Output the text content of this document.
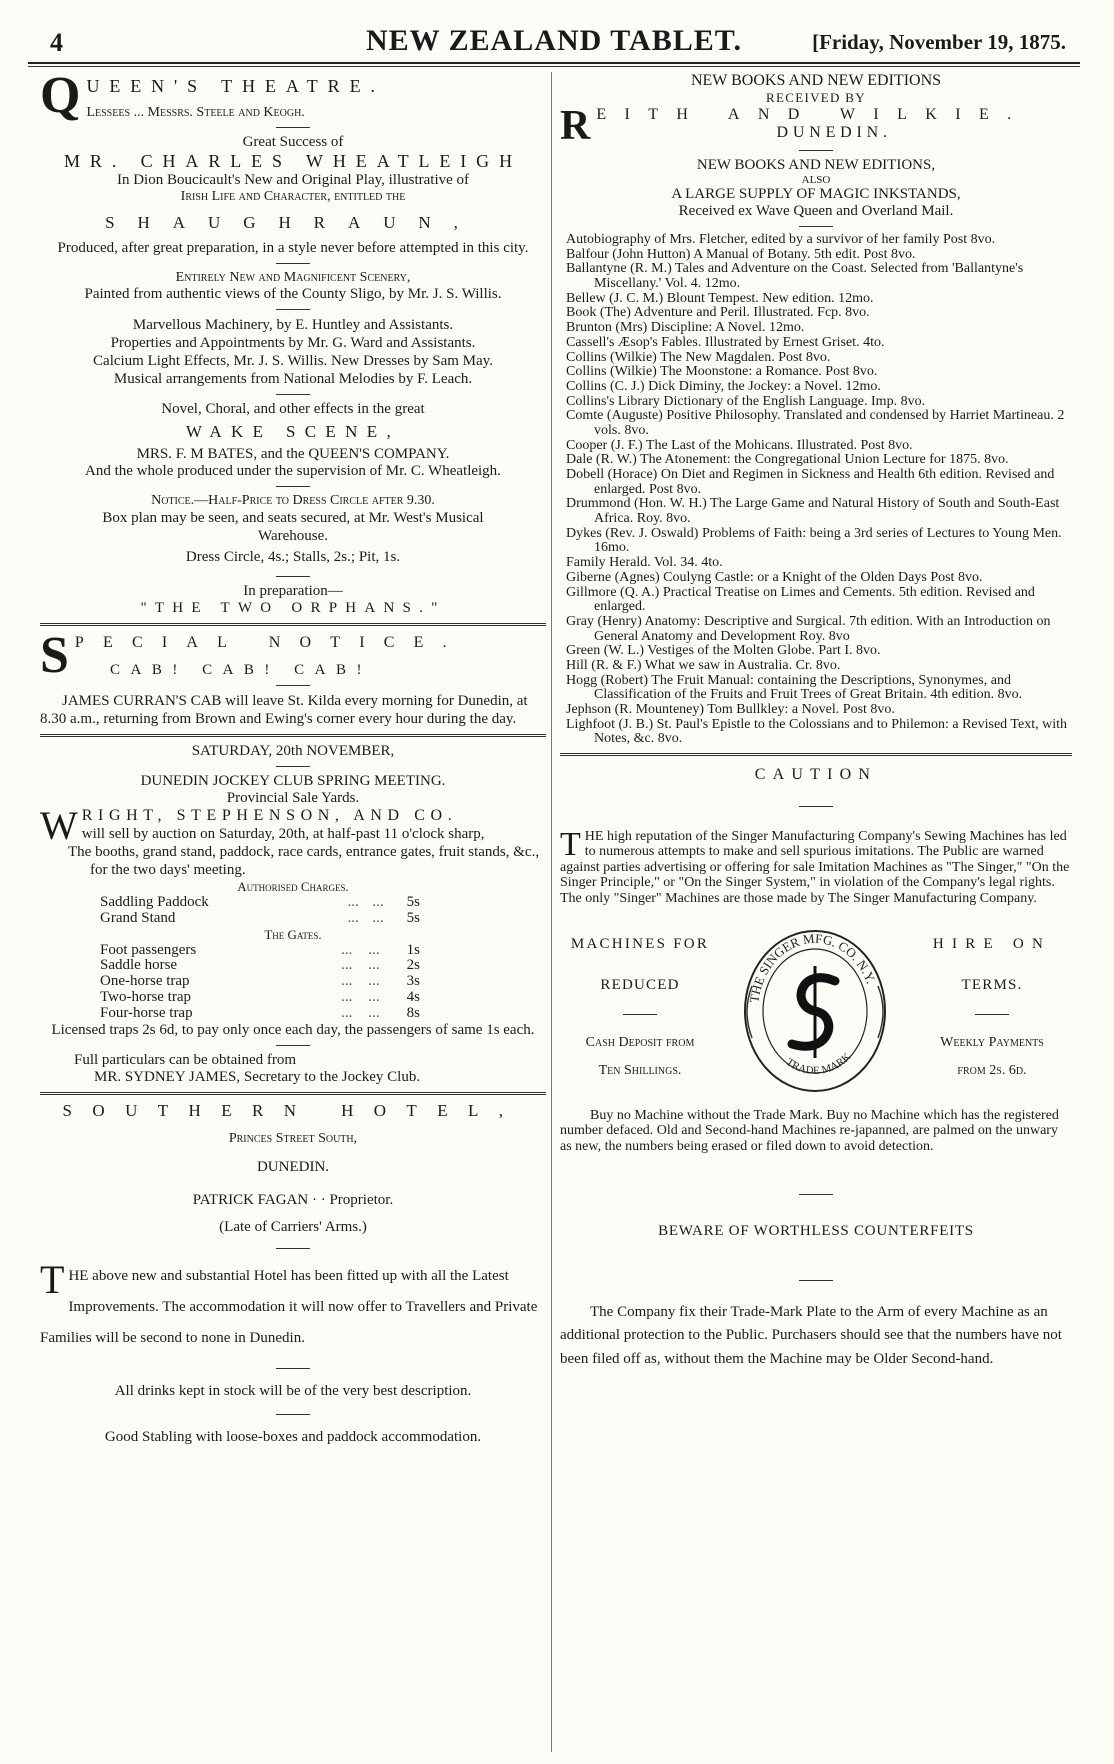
4	NEW ZEALAND TABLET.	[Friday, November 19, 1875.
Q UEEN'S THEATRE.
Lessees ... Messrs. Steele and Keogh.
Great Success of
MR. CHARLES WHEATLEIGH
In Dion Boucicault's New and Original Play, illustrative of
Irish Life and Character, entitled the
SHAUGHRAUN,
Produced, after great preparation, in a style never before attempted in this city.
Entirely New and Magnificent Scenery,
Painted from authentic views of the County Sligo, by Mr. J. S. Willis.
Marvellous Machinery, by E. Huntley and Assistants.
Properties and Appointments by Mr. G. Ward and Assistants.
Calcium Light Effects, Mr. J. S. Willis. New Dresses by Sam May.
Musical arrangements from National Melodies by F. Leach.
Novel, Choral, and other effects in the great
WAKE SCENE,
MRS. F. M BATES, and the QUEEN'S COMPANY.
And the whole produced under the supervision of Mr. C. Wheatleigh.
Notice.—Half-Price to Dress Circle after 9.30.
Box plan may be seen, and seats secured, at Mr. West's Musical Warehouse.
Dress Circle, 4s.; Stalls, 2s.; Pit, 1s.
In preparation—
"THE TWO ORPHANS."
S PECIAL NOTICE.
CAB! CAB! CAB!
JAMES CURRAN'S CAB will leave St. Kilda every morning for Dunedin, at 8.30 a.m., returning from Brown and Ewing's corner every hour during the day.
SATURDAY, 20th NOVEMBER,
DUNEDIN JOCKEY CLUB SPRING MEETING.
Provincial Sale Yards.
W RIGHT, STEPHENSON, AND CO.
will sell by auction on Saturday, 20th, at half-past 11 o'clock sharp,
The booths, grand stand, paddock, race cards, entrance gates, fruit stands, &c., for the two days' meeting.
Authorised Charges.
Saddling Paddock	...	...	5s
Grand Stand	...	...	5s
The Gates.
Foot passengers	...	...	1s
Saddle horse	...	...	2s
One-horse trap	...	...	3s
Two-horse trap	...	...	4s
Four-horse trap	...	...	8s
Licensed traps 2s 6d, to pay only once each day, the passengers of same 1s each.
Full particulars can be obtained from
MR. SYDNEY JAMES, Secretary to the Jockey Club.
SOUTHERN HOTEL,
Princes Street South,
DUNEDIN.
PATRICK FAGAN · · Proprietor.
(Late of Carriers' Arms.)
T HE above new and substantial Hotel has been fitted up with all the Latest Improvements. The accommodation it will now offer to Travellers and Private Families will be second to none in Dunedin.
All drinks kept in stock will be of the very best description.
Good Stabling with loose-boxes and paddock accommodation.
NEW BOOKS AND NEW EDITIONS
RECEIVED BY
R EITH AND WILKIE.
DUNEDIN.
NEW BOOKS AND NEW EDITIONS,
ALSO
A LARGE SUPPLY OF MAGIC INKSTANDS,
Received ex Wave Queen and Overland Mail.
Autobiography of Mrs. Fletcher, edited by a survivor of her family Post 8vo.
Balfour (John Hutton) A Manual of Botany. 5th edit. Post 8vo.
Ballantyne (R. M.) Tales and Adventure on the Coast. Selected from 'Ballantyne's Miscellany.' Vol. 4. 12mo.
Bellew (J. C. M.) Blount Tempest. New edition. 12mo.
Book (The) Adventure and Peril. Illustrated. Fcp. 8vo.
Brunton (Mrs) Discipline: A Novel. 12mo.
Cassell's Æsop's Fables. Illustrated by Ernest Griset. 4to.
Collins (Wilkie) The New Magdalen. Post 8vo.
Collins (Wilkie) The Moonstone: a Romance. Post 8vo.
Collins (C. J.) Dick Diminy, the Jockey: a Novel. 12mo.
Collins's Library Dictionary of the English Language. Imp. 8vo.
Comte (Auguste) Positive Philosophy. Translated and condensed by Harriet Martineau. 2 vols. 8vo.
Cooper (J. F.) The Last of the Mohicans. Illustrated. Post 8vo.
Dale (R. W.) The Atonement: the Congregational Union Lecture for 1875. 8vo.
Dobell (Horace) On Diet and Regimen in Sickness and Health 6th edition. Revised and enlarged. Post 8vo.
Drummond (Hon. W. H.) The Large Game and Natural History of South and South-East Africa. Roy. 8vo.
Dykes (Rev. J. Oswald) Problems of Faith: being a 3rd series of Lectures to Young Men. 16mo.
Family Herald. Vol. 34. 4to.
Giberne (Agnes) Coulyng Castle: or a Knight of the Olden Days Post 8vo.
Gillmore (Q. A.) Practical Treatise on Limes and Cements. 5th edition. Revised and enlarged.
Gray (Henry) Anatomy: Descriptive and Surgical. 7th edition. With an Introduction on General Anatomy and Development Roy. 8vo
Green (W. L.) Vestiges of the Molten Globe. Part I. 8vo.
Hill (R. & F.) What we saw in Australia. Cr. 8vo.
Hogg (Robert) The Fruit Manual: containing the Descriptions, Synonymes, and Classification of the Fruits and Fruit Trees of Great Britain. 4th edition. 8vo.
Jephson (R. Mounteney) Tom Bullkley: a Novel. Post 8vo.
Lighfoot (J. B.) St. Paul's Epistle to the Colossians and to Philemon: a Revised Text, with Notes, &c. 8vo.
CAUTION
T HE high reputation of the Singer Manufacturing Company's Sewing Machines has led to numerous attempts to make and sell spurious imitations. The Public are warned against parties advertising or offering for sale Imitation Machines as "The Singer," "On the Singer Principle," or "On the Singer System," in violation of the Company's legal rights. The only "Singer" Machines are those made by The Singer Manufacturing Company.
MACHINES FOR
REDUCED
Cash Deposit from
Ten Shillings.
THE SINGER MFG. CO. N.Y.
TRADE MARK
HIRE ON
TERMS.
Weekly Payments
from 2s. 6d.
Buy no Machine without the Trade Mark. Buy no Machine which has the registered number defaced. Old and Second-hand Machines re-japanned, are palmed on the unwary as new, the numbers being erased or filed down to avoid detection.
BEWARE OF WORTHLESS COUNTERFEITS
The Company fix their Trade-Mark Plate to the Arm of every Machine as an additional protection to the Public. Purchasers should see that the numbers have not been filed off as, without them the Machine may be Older Second-hand.
